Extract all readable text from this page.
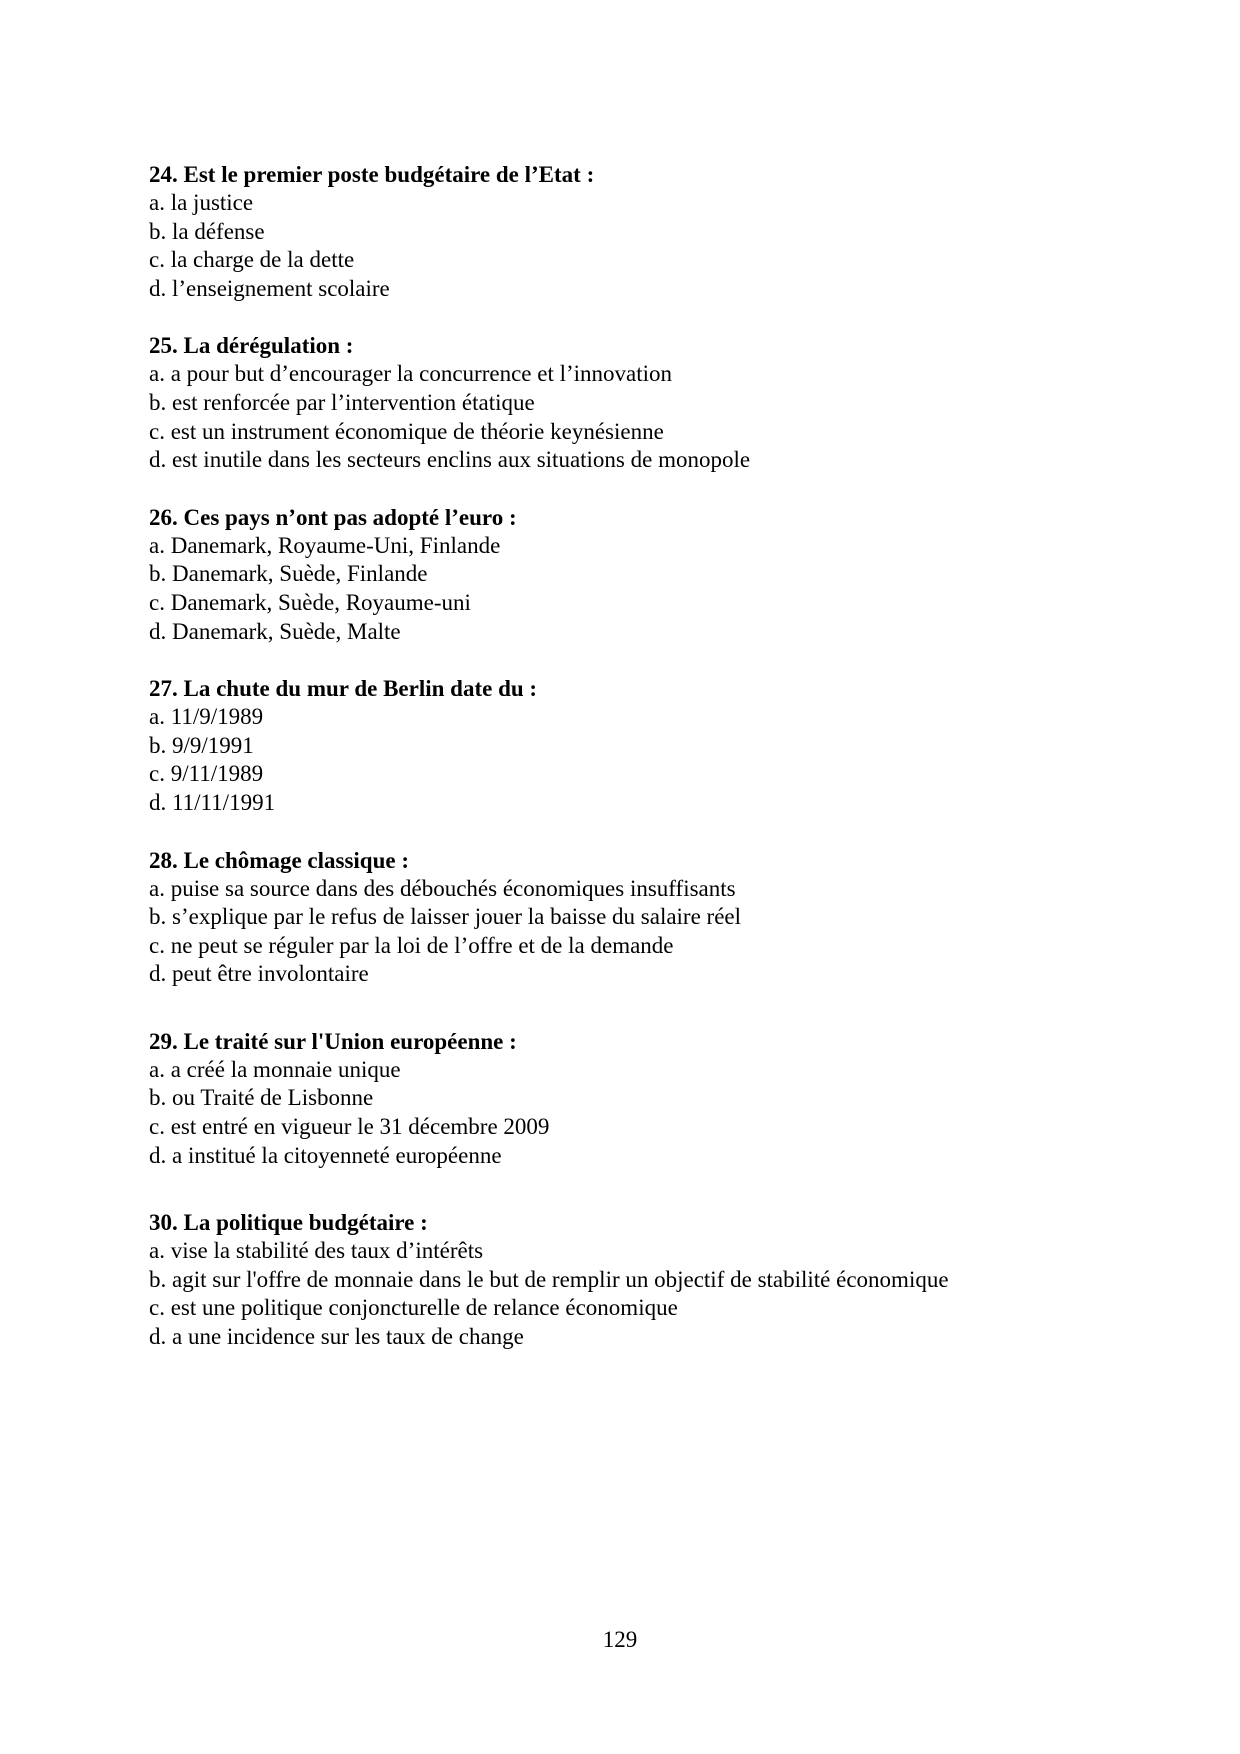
24. Est le premier poste budgétaire de l’Etat :
a. la justice
b. la défense
c. la charge de la dette
d. l’enseignement scolaire
25. La dérégulation :
a. a pour but d’encourager la concurrence et l’innovation
b. est renforcée par l’intervention étatique
c. est un instrument économique de théorie keynésienne
d. est inutile dans les secteurs enclins aux situations de monopole
26. Ces pays n’ont pas adopté l’euro :
a. Danemark, Royaume-Uni, Finlande
b. Danemark, Suède, Finlande
c. Danemark, Suède, Royaume-uni
d. Danemark, Suède, Malte
27. La chute du mur de Berlin date du :
a. 11/9/1989
b. 9/9/1991
c. 9/11/1989
d. 11/11/1991
28. Le chômage classique :
a. puise sa source dans des débouchés économiques insuffisants
b. s’explique par le refus de laisser jouer la baisse du salaire réel
c. ne peut se réguler par la loi de l’offre et de la demande
d. peut être involontaire
29. Le traité sur l'Union européenne :
a. a créé la monnaie unique
b. ou Traité de Lisbonne
c. est entré en vigueur le 31 décembre 2009
d. a institué la citoyenneté européenne
30. La politique budgétaire :
a. vise la stabilité des taux d’intérêts
b. agit sur l'offre de monnaie dans le but de remplir un objectif de stabilité économique
c. est une politique conjoncturelle de relance économique
d. a une incidence sur les taux de change
129
